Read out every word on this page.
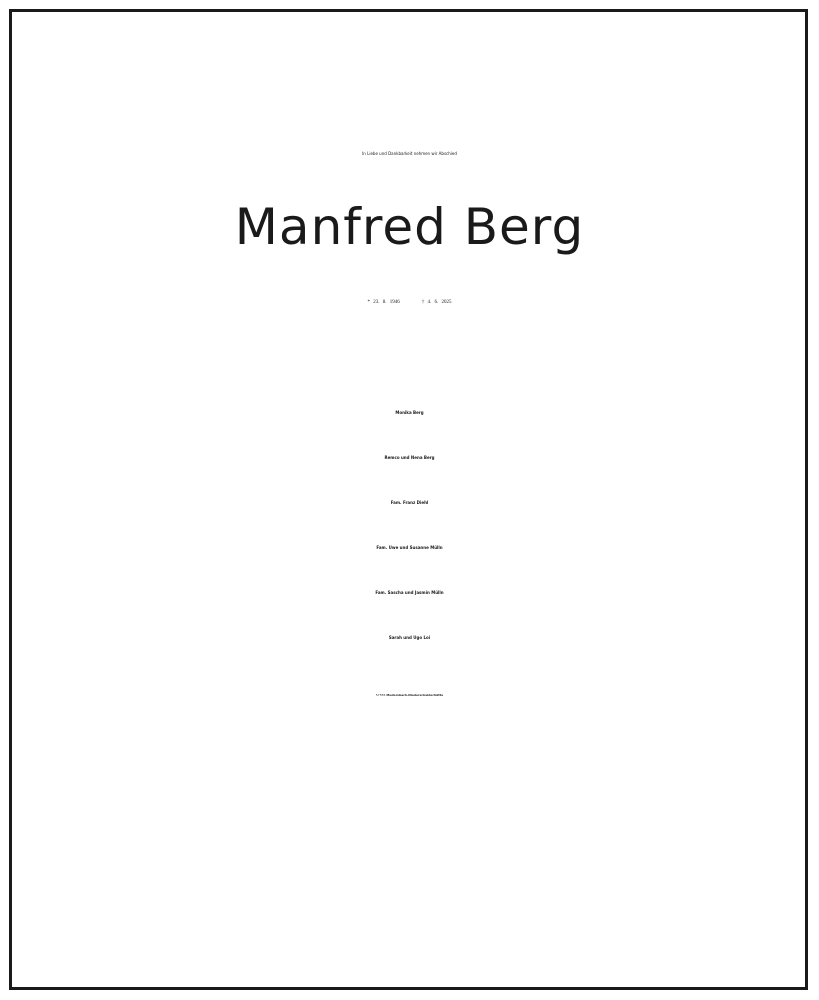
In Liebe und Dankbarkeit nehmen wir Abschied
Manfred Berg
* 23. 8. 1946	† 4. 6. 2025
Monika Berg
Remco und Nena Berg
Fam. Franz Diehl
Fam. Uwe und Susanne Mülln
Fam. Sascha und Jasmin Mülln
Sarah und Ugo Loi
57555 Mudersbach-Niederschelderhütte
